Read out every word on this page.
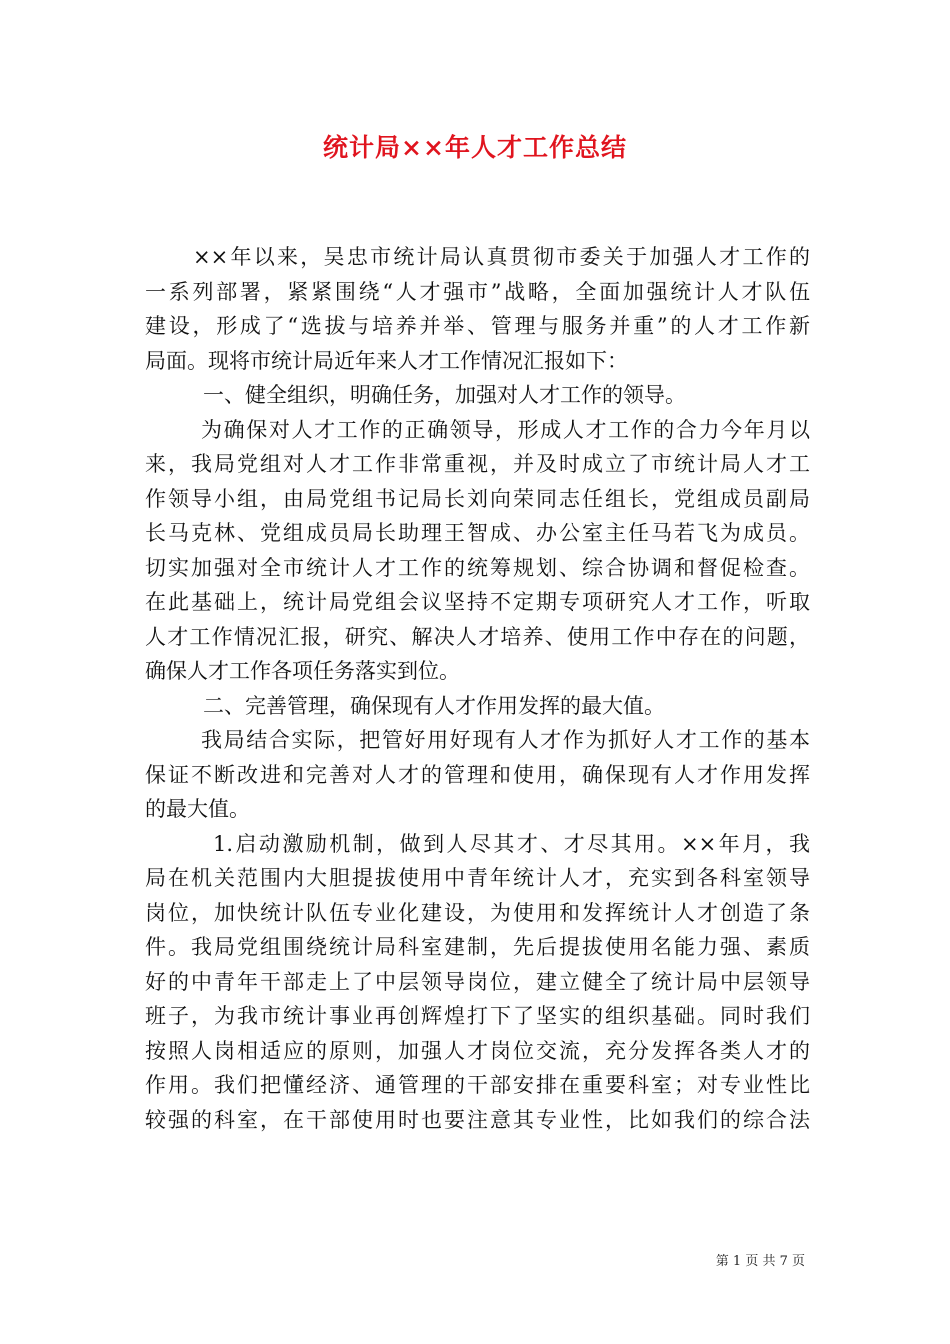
统计局××年人才工作总结
××年以来，吴忠市统计局认真贯彻市委关于加强人才工作的
一系列部署，紧紧围绕“人才强市”战略，全面加强统计人才队伍
建设，形成了“选拔与培养并举、管理与服务并重”的人才工作新
局面。现将市统计局近年来人才工作情况汇报如下：
一、健全组织，明确任务，加强对人才工作的领导。
为确保对人才工作的正确领导，形成人才工作的合力今年月以
来，我局党组对人才工作非常重视，并及时成立了市统计局人才工
作领导小组，由局党组书记局长刘向荣同志任组长，党组成员副局
长马克林、党组成员局长助理王智成、办公室主任马若飞为成员。
切实加强对全市统计人才工作的统筹规划、综合协调和督促检查。
在此基础上，统计局党组会议坚持不定期专项研究人才工作，听取
人才工作情况汇报，研究、解决人才培养、使用工作中存在的问题，
确保人才工作各项任务落实到位。
二、完善管理，确保现有人才作用发挥的最大值。
我局结合实际，把管好用好现有人才作为抓好人才工作的基本
保证不断改进和完善对人才的管理和使用，确保现有人才作用发挥
的最大值。
1.启动激励机制，做到人尽其才、才尽其用。××年月，我
局在机关范围内大胆提拔使用中青年统计人才，充实到各科室领导
岗位，加快统计队伍专业化建设，为使用和发挥统计人才创造了条
件。我局党组围绕统计局科室建制，先后提拔使用名能力强、素质
好的中青年干部走上了中层领导岗位，建立健全了统计局中层领导
班子，为我市统计事业再创辉煌打下了坚实的组织基础。同时我们
按照人岗相适应的原则，加强人才岗位交流，充分发挥各类人才的
作用。我们把懂经济、通管理的干部安排在重要科室；对专业性比
较强的科室，在干部使用时也要注意其专业性，比如我们的综合法
第 1 页 共 7 页
